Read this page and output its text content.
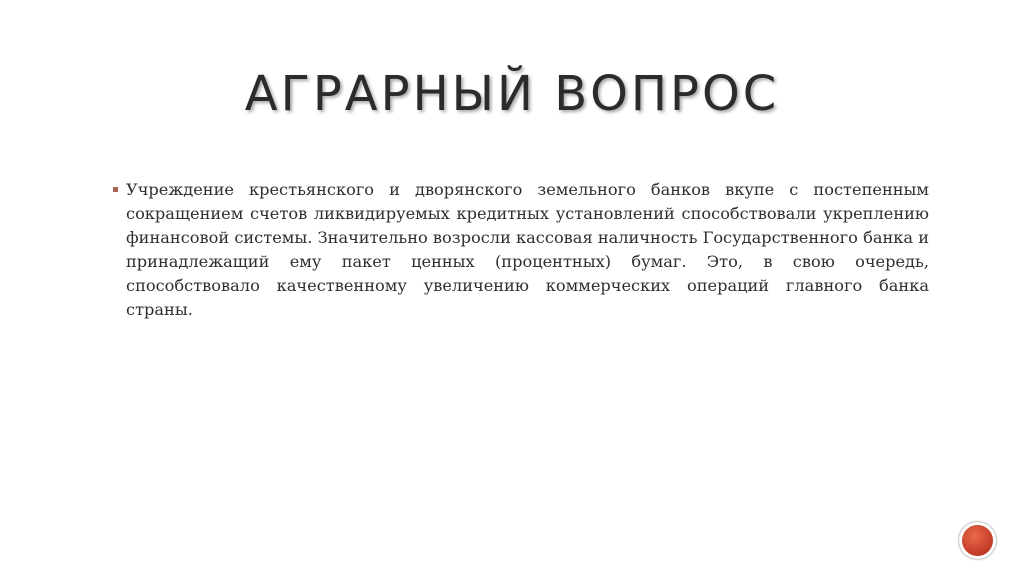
АГРАРНЫЙ ВОПРОС

Учреждение крестьянского и дворянского земельного банков вкупе с постепенным сокращением счетов ликвидируемых кредитных установлений способствовали укреплению финансовой системы. Значительно возросли кассовая наличность Государственного банка и принадлежащий ему пакет ценных (процентных) бумаг. Это, в свою очередь, способствовало качественному увеличению коммерческих операций главного банка страны.
